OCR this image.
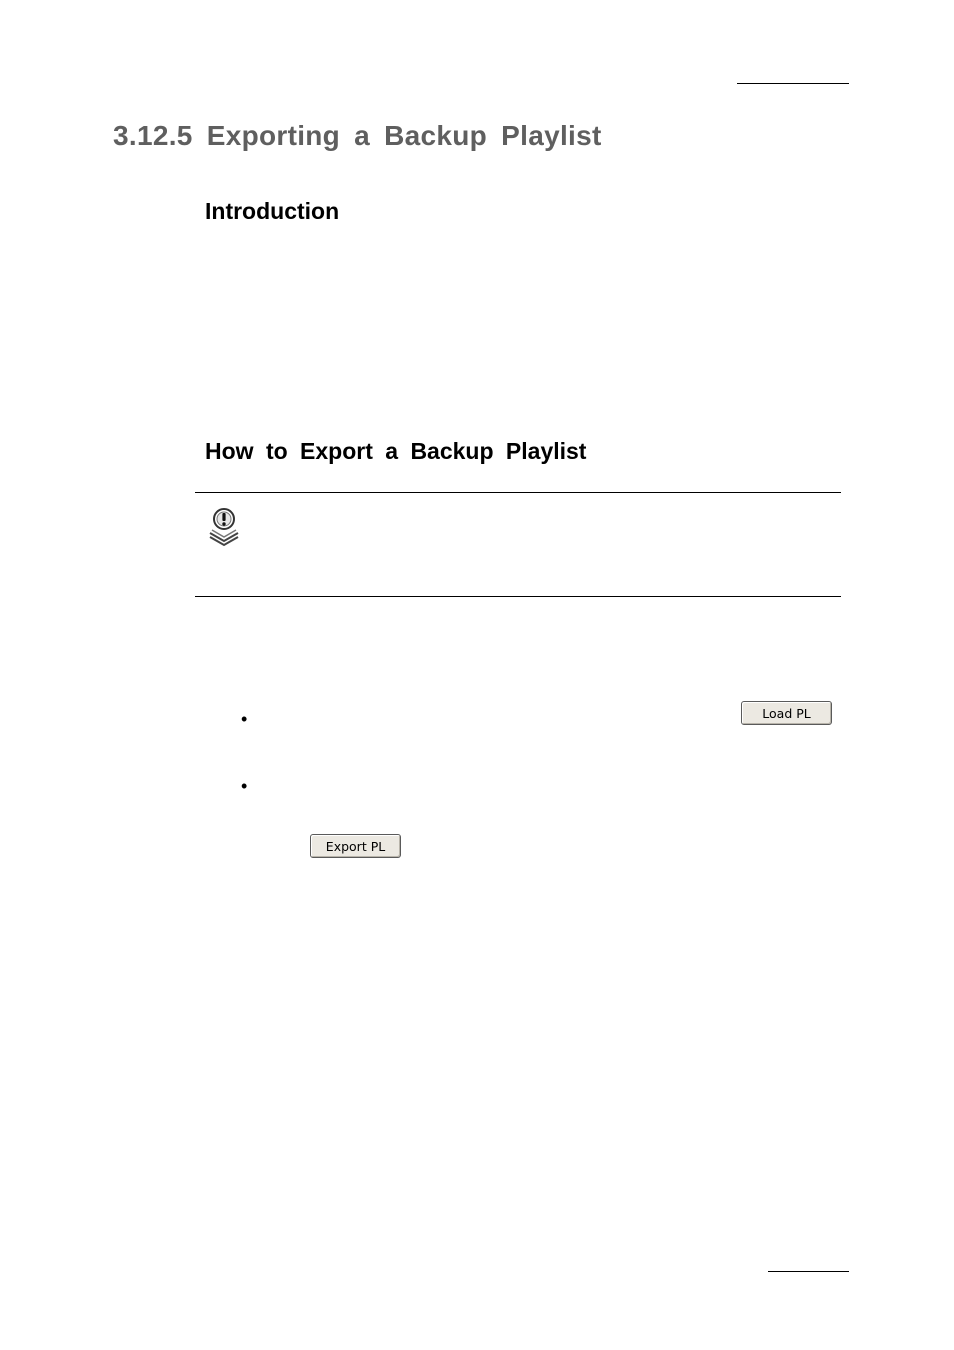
3.12.5 Exporting a Backup Playlist
Introduction
How to Export a Backup Playlist
•	Load PL
•
Export PL
